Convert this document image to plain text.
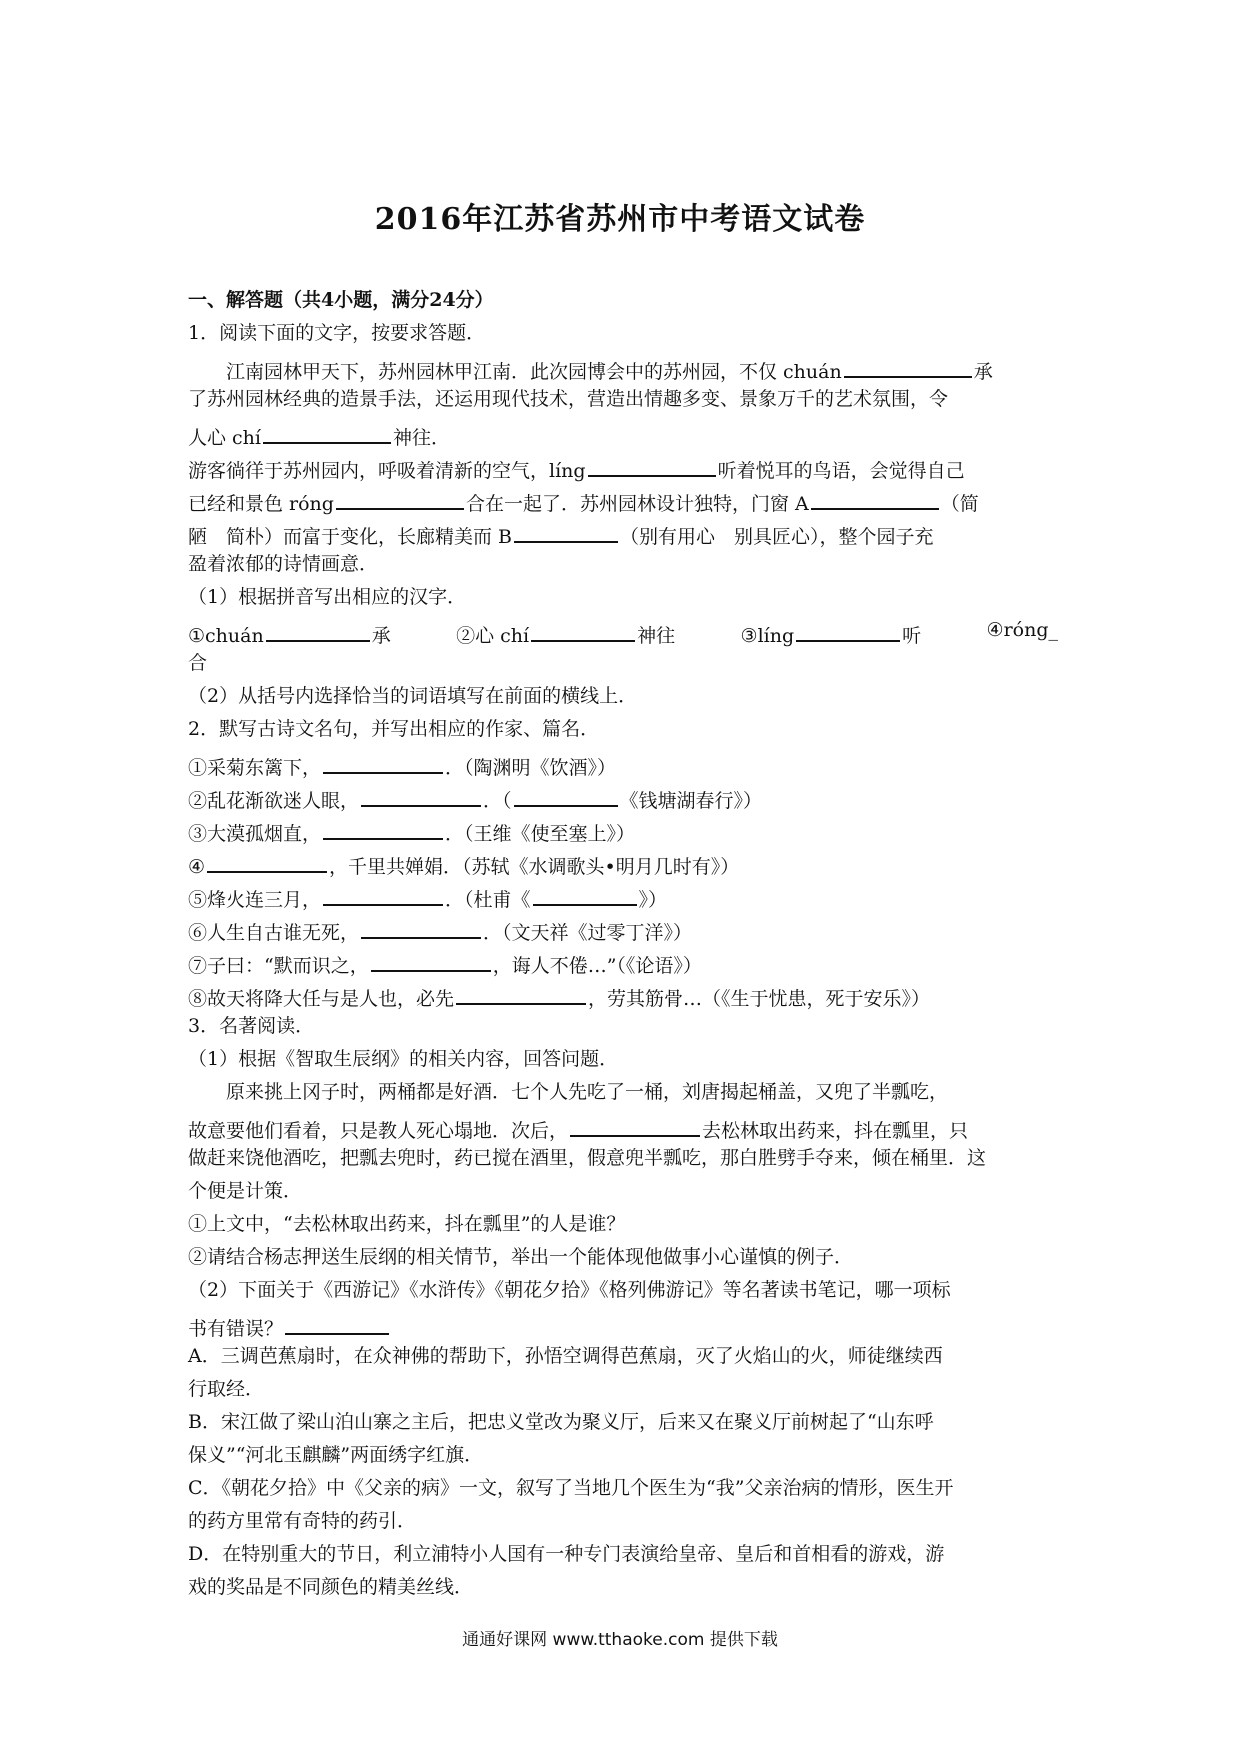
2016年江苏省苏州市中考语文试卷
一、解答题（共4小题，满分24分）
1．阅读下面的文字，按要求答题．
江南园林甲天下，苏州园林甲江南．此次园博会中的苏州园，不仅 chuán	承
了苏州园林经典的造景手法，还运用现代技术，营造出情趣多变、景象万千的艺术氛围，令
人心 chí	神往．
游客徜徉于苏州园内，呼吸着清新的空气，líng	听着悦耳的鸟语，会觉得自己
已经和景色 róng	合在一起了．苏州园林设计独特，门窗 A	（简
陋　简朴）而富于变化，长廊精美而 B	（别有用心　别具匠心），整个园子充
盈着浓郁的诗情画意．
（1）根据拼音写出相应的汉字．
①chuán	承	②心 chí	神往	③líng	听	④róng_
合
（2）从括号内选择恰当的词语填写在前面的横线上．
2．默写古诗文名句，并写出相应的作家、篇名．
①采菊东篱下，	．（陶渊明《饮酒》）
②乱花渐欲迷人眼，	．（	《钱塘湖春行》）
③大漠孤烟直，	．（王维《使至塞上》）
④	，千里共婵娟．（苏轼《水调歌头•明月几时有》）
⑤烽火连三月，	．（杜甫《	》）
⑥人生自古谁无死，	．（文天祥《过零丁洋》）
⑦子曰：“默而识之，	，诲人不倦…”（《论语》）
⑧故天将降大任与是人也，必先	，劳其筋骨…（《生于忧患，死于安乐》）
3．名著阅读．
（1）根据《智取生辰纲》的相关内容，回答问题．
原来挑上冈子时，两桶都是好酒．七个人先吃了一桶，刘唐揭起桶盖，又兜了半瓢吃，
故意要他们看着，只是教人死心塌地．次后，	去松林取出药来，抖在瓢里，只
做赶来饶他酒吃，把瓢去兜时，药已搅在酒里，假意兜半瓢吃，那白胜劈手夺来，倾在桶里．这
个便是计策．
①上文中，“去松林取出药来，抖在瓢里”的人是谁？
②请结合杨志押送生辰纲的相关情节，举出一个能体现他做事小心谨慎的例子．
（2）下面关于《西游记》《水浒传》《朝花夕拾》《格列佛游记》等名著读书笔记，哪一项标
书有错误？
A．三调芭蕉扇时，在众神佛的帮助下，孙悟空调得芭蕉扇，灭了火焰山的火，师徒继续西
行取经．
B．宋江做了梁山泊山寨之主后，把忠义堂改为聚义厅，后来又在聚义厅前树起了“山东呼
保义”“河北玉麒麟”两面绣字红旗．
C．《朝花夕拾》中《父亲的病》一文，叙写了当地几个医生为“我”父亲治病的情形，医生开
的药方里常有奇特的药引．
D．在特别重大的节日，利立浦特小人国有一种专门表演给皇帝、皇后和首相看的游戏，游
戏的奖品是不同颜色的精美丝线．
通通好课网 www.tthaoke.com 提供下载
